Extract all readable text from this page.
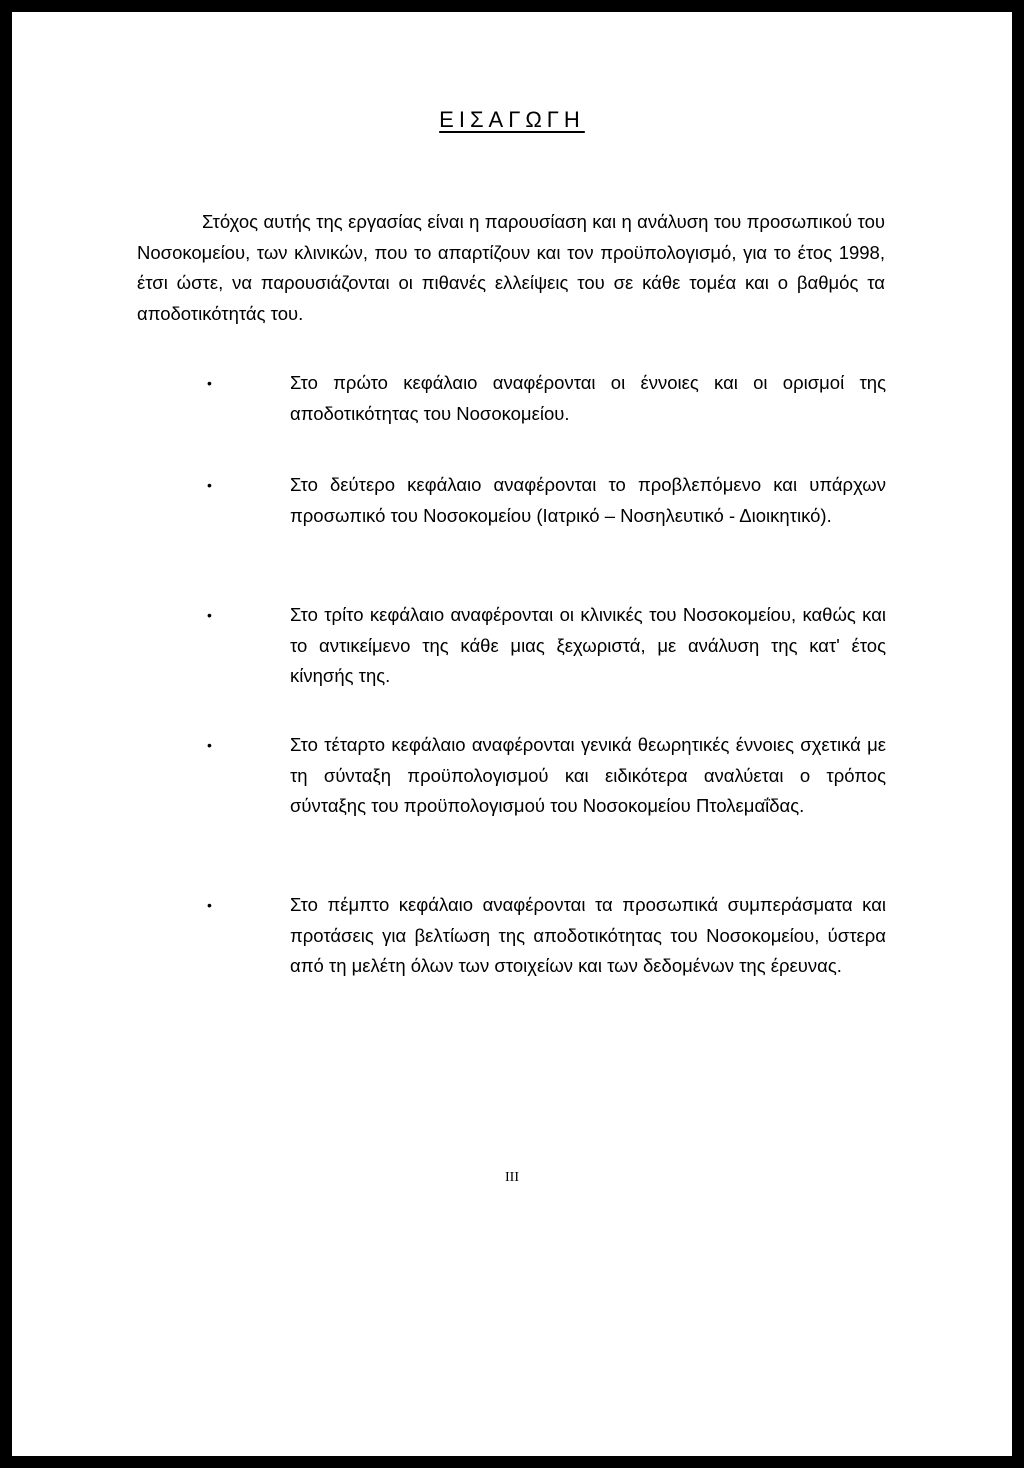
ΕΙΣΑΓΩΓΗ

Στόχος αυτής της εργασίας είναι η παρουσίαση και η ανάλυση του προσωπικού του Νοσοκομείου, των κλινικών, που το απαρτίζουν και τον προϋπολογισμό, για το έτος 1998, έτσι ώστε, να παρουσιάζονται οι πιθανές ελλείψεις του σε κάθε τομέα και ο βαθμός τα αποδοτικότητάς του.

•	Στο πρώτο κεφάλαιο αναφέρονται οι έννοιες και οι ορισμοί της αποδοτικότητας του Νοσοκομείου.
•	Στο δεύτερο κεφάλαιο αναφέρονται το προβλεπόμενο και υπάρχων προσωπικό του Νοσοκομείου (Ιατρικό – Νοσηλευτικό - Διοικητικό).
•	Στο τρίτο κεφάλαιο αναφέρονται οι κλινικές του Νοσοκομείου, καθώς και το αντικείμενο της κάθε μιας ξεχωριστά, με ανάλυση της κατ' έτος κίνησής της.
•	Στο τέταρτο κεφάλαιο αναφέρονται γενικά θεωρητικές έννοιες σχετικά με τη σύνταξη προϋπολογισμού και ειδικότερα αναλύεται ο τρόπος σύνταξης του προϋπολογισμού του Νοσοκομείου Πτολεμαΐδας.
•	Στο πέμπτο κεφάλαιο αναφέρονται τα προσωπικά συμπεράσματα και προτάσεις για βελτίωση της αποδοτικότητας του Νοσοκομείου, ύστερα από τη μελέτη όλων των στοιχείων και των δεδομένων της έρευνας.
III
